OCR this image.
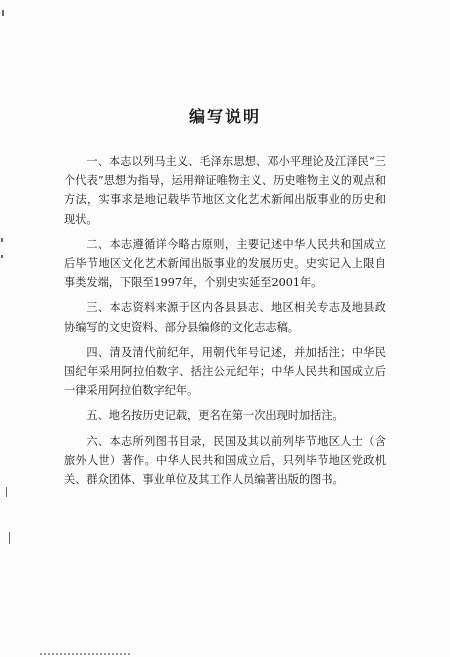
编写说明

一、本志以列马主义、毛泽东思想、邓小平理论及江泽民“三个代表”思想为指导，运用辩证唯物主义、历史唯物主义的观点和方法，实事求是地记载毕节地区文化艺术新闻出版事业的历史和现状。

二、本志遵循详今略古原则，主要记述中华人民共和国成立后毕节地区文化艺术新闻出版事业的发展历史。史实记入上限自事类发端，下限至1997年，个别史实延至2001年。

三、本志资料来源于区内各县县志、地区相关专志及地县政协编写的文史资料、部分县编修的文化志志稿。

四、清及清代前纪年，用朝代年号记述，并加括注；中华民国纪年采用阿拉伯数字、括注公元纪年；中华人民共和国成立后一律采用阿拉伯数字纪年。

五、地名按历史记载，更名在第一次出现时加括注。

六、本志所列图书目录，民国及其以前列毕节地区人士（含旅外人世）著作。中华人民共和国成立后，只列毕节地区党政机关、群众团体、事业单位及其工作人员编著出版的图书。
